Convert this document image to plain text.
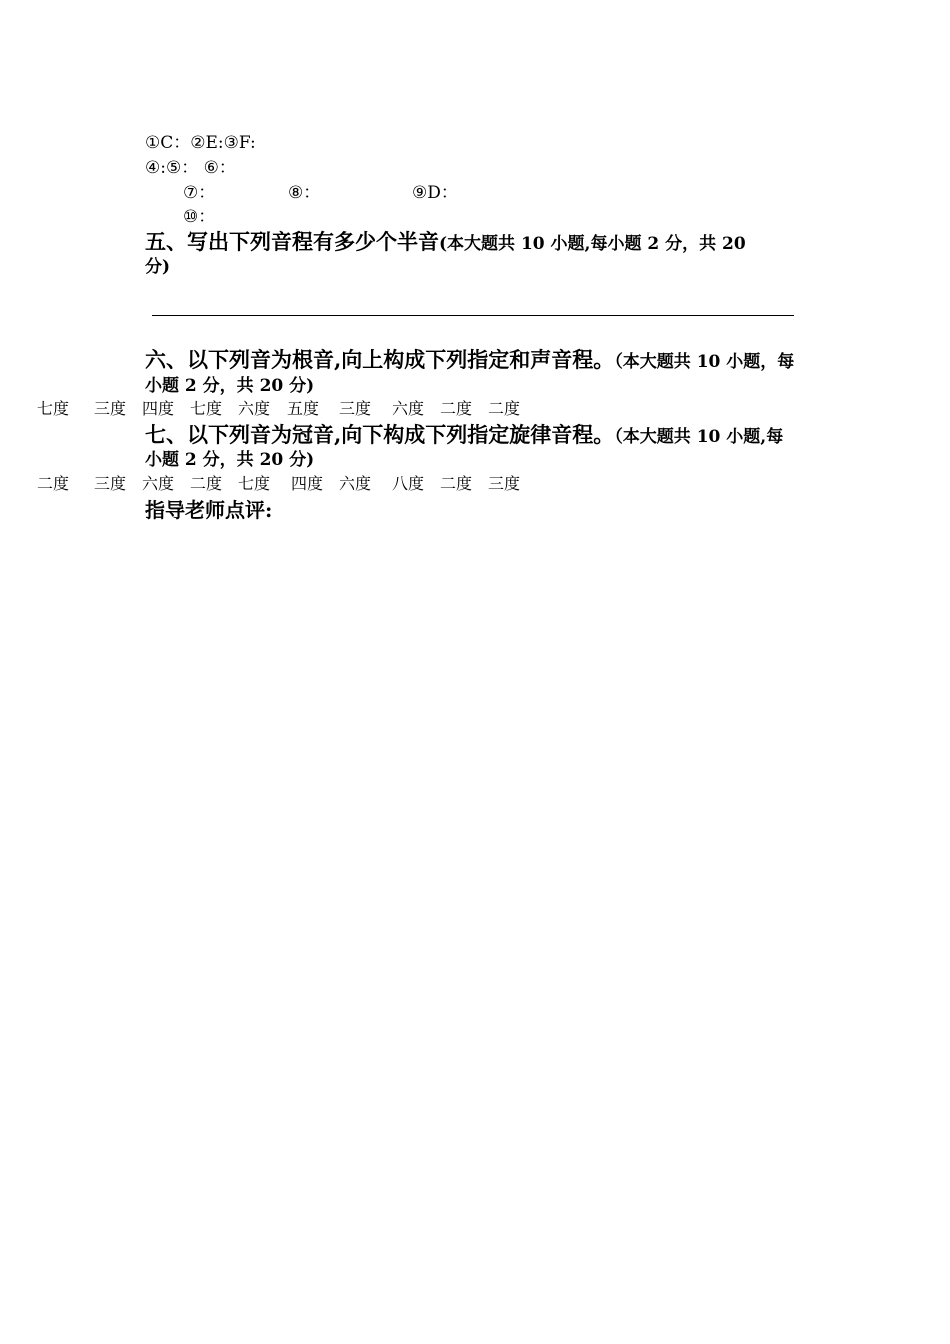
①C：②E:③F:
④:⑤： ⑥：
⑦：	⑧：	⑨D：
⑩：
五、写出下列音程有多少个半音(本大题共 10 小题,每小题 2 分，共 20
分)
六、以下列音为根音,向上构成下列指定和声音程。（本大题共 10 小题，每
小题 2 分，共 20 分)
七度 三度 四度 七度 六度 五度 三度 六度 二度 二度
七、以下列音为冠音,向下构成下列指定旋律音程。（本大题共 10 小题,每
小题 2 分，共 20 分)
二度 三度 六度 二度 七度 四度 六度 八度 二度 三度
指导老师点评:
